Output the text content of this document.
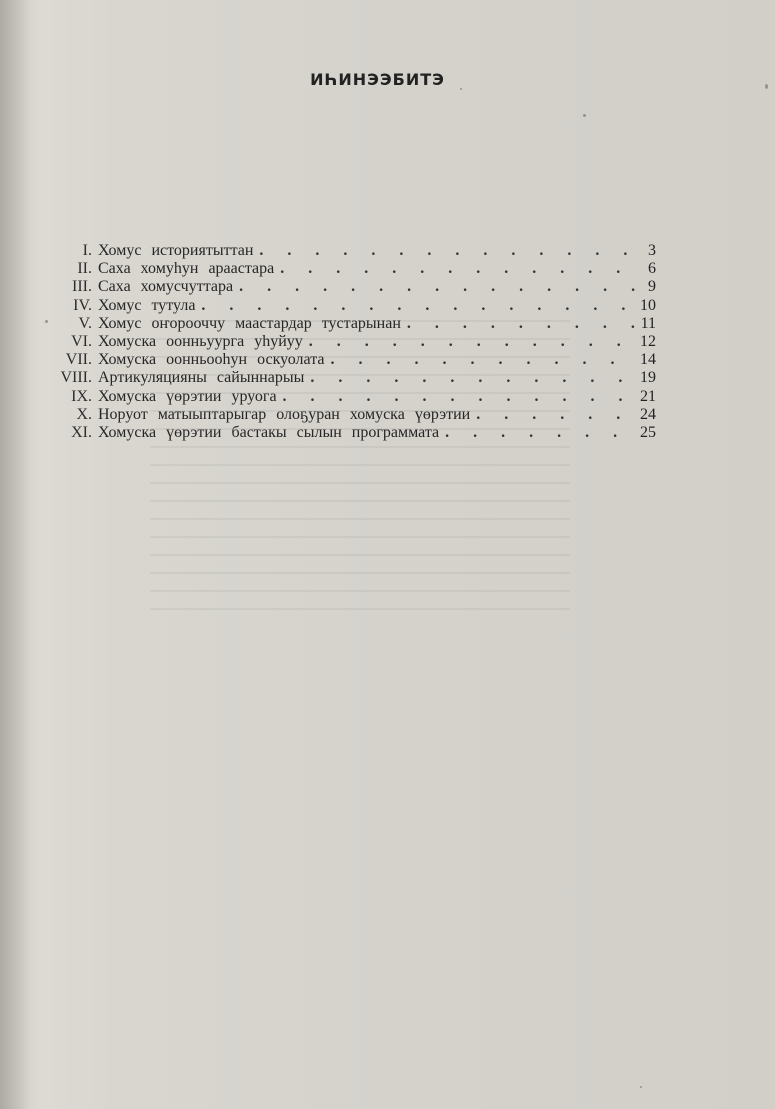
ИҺИНЭЭБИТЭ
I. Хомус историятыттан . . .	3
II. Саха хомуһун араастара . . .	6
III. Саха хомусчуттара . . .	9
IV. Хомус тутула . . .	10
V. Хомус оҥорооччу маастардар тустарынан . . .	11
VI. Хомуска оонньуурга уһуйуу . . .	12
VII. Хомуска оонньооһун оскуолата . . .	14
VIII. Артикуляцияны сайыннарыы . . .	19
IX. Хомуска үөрэтии уруога . . .	21
X. Норуот матыыптарыгар олоҕуран хомуска үөрэтии . . .	24
XI. Хомуска үөрэтии бастакы сылын программата . . .	25
